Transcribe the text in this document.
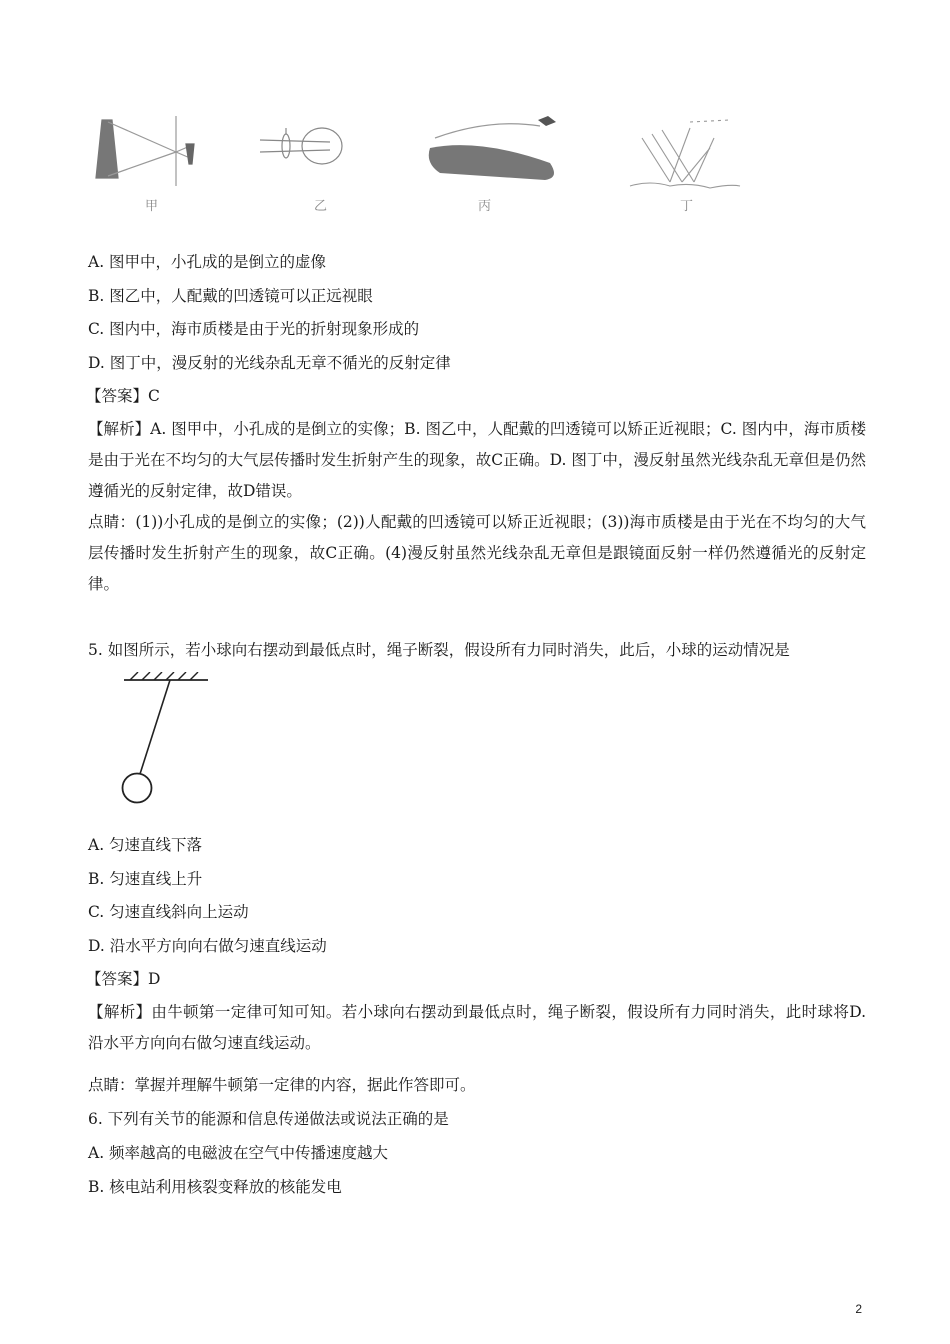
甲	乙	丙	丁
A. 图甲中，小孔成的是倒立的虚像
B. 图乙中，人配戴的凹透镜可以正远视眼
C. 图内中，海市质楼是由于光的折射现象形成的
D. 图丁中，漫反射的光线杂乱无章不循光的反射定律
【答案】C
【解析】A. 图甲中，小孔成的是倒立的实像；B. 图乙中，人配戴的凹透镜可以矫正近视眼；C. 图内中，海市质楼是由于光在不均匀的大气层传播时发生折射产生的现象，故C正确。D. 图丁中，漫反射虽然光线杂乱无章但是仍然遵循光的反射定律，故D错误。
点睛：(1))小孔成的是倒立的实像；(2))人配戴的凹透镜可以矫正近视眼；(3))海市质楼是由于光在不均匀的大气层传播时发生折射产生的现象，故C正确。(4)漫反射虽然光线杂乱无章但是跟镜面反射一样仍然遵循光的反射定律。
5. 如图所示，若小球向右摆动到最低点时，绳子断裂，假设所有力同时消失，此后，小球的运动情况是
A. 匀速直线下落
B. 匀速直线上升
C. 匀速直线斜向上运动
D. 沿水平方向向右做匀速直线运动
【答案】D
【解析】由牛顿第一定律可知可知。若小球向右摆动到最低点时，绳子断裂，假设所有力同时消失，此时球将D. 沿水平方向向右做匀速直线运动。
点睛：掌握并理解牛顿第一定律的内容，据此作答即可。
6. 下列有关节的能源和信息传递做法或说法正确的是
A. 频率越高的电磁波在空气中传播速度越大
B. 核电站利用核裂变释放的核能发电
2
